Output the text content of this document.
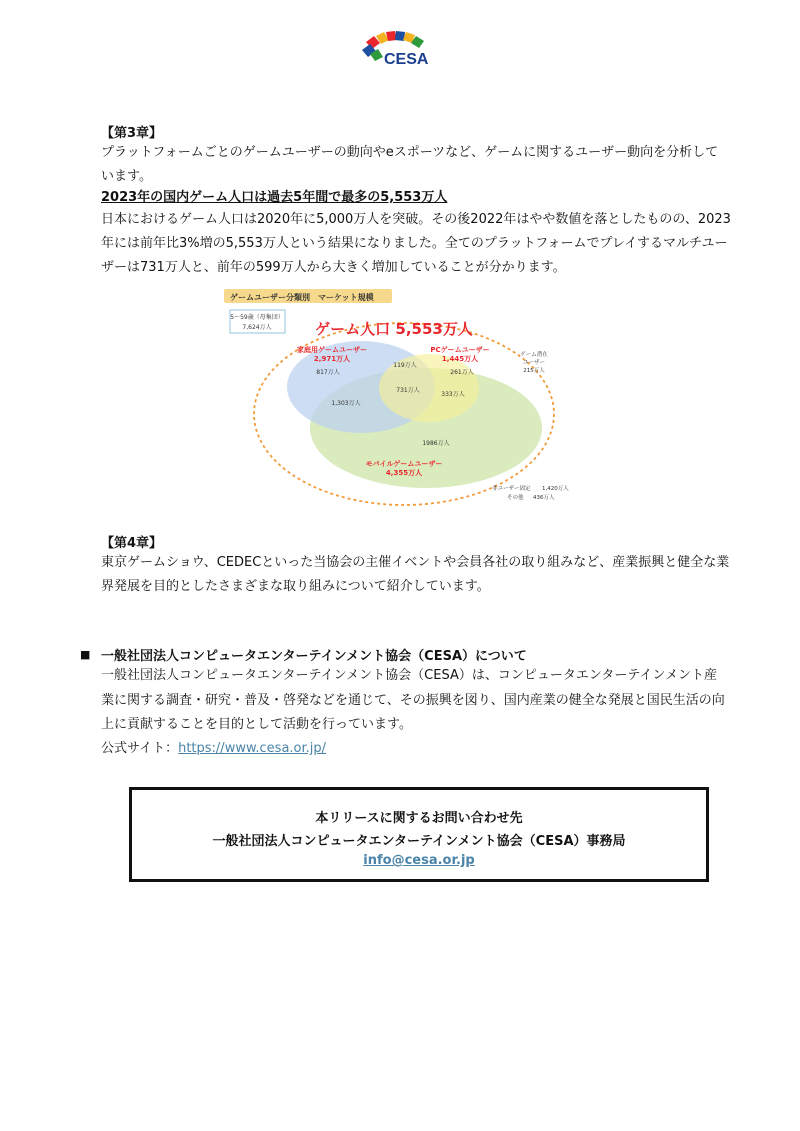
CESA
【第3章】
プラットフォームごとのゲームユーザーの動向やeスポーツなど、ゲームに関するユーザー動向を分析しています。
2023年の国内ゲーム人口は過去5年間で最多の5,553万人
日本におけるゲーム人口は2020年に5,000万人を突破。その後2022年はやや数値を落としたものの、2023年には前年比3%増の5,553万人という結果になりました。全てのプラットフォームでプレイするマルチユーザーは731万人と、前年の599万人から大きく増加していることが分かります。
ゲームユーザー分類別　マーケット規模
5～59歳（母集団）
7,624万人	ゲーム人口 5,553万人
家庭用ゲームユーザー
2,971万人
PCゲームユーザー
1,445万人
モバイルゲームユーザー
4,355万人
ゲーム潜在
ユーザー
215万人
817万人
119万人
261万人
731万人
333万人
1,303万人
1986万人
非ユーザー固定 1,420万人
その他 436万人
【第4章】
東京ゲームショウ、CEDECといった当協会の主催イベントや会員各社の取り組みなど、産業振興と健全な業界発展を目的としたさまざまな取り組みについて紹介しています。
■ 一般社団法人コンピュータエンターテインメント協会（CESA）について
一般社団法人コンピュータエンターテインメント協会（CESA）は、コンピュータエンターテインメント産業に関する調査・研究・普及・啓発などを通じて、その振興を図り、国内産業の健全な発展と国民生活の向上に貢献することを目的として活動を行っています。
公式サイト：https://www.cesa.or.jp/
本リリースに関するお問い合わせ先
一般社団法人コンピュータエンターテインメント協会（CESA）事務局
info@cesa.or.jp
